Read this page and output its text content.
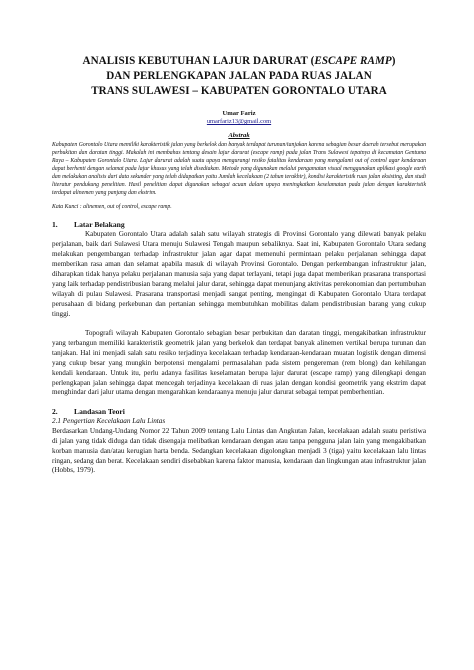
ANALISIS KEBUTUHAN LAJUR DARURAT (ESCAPE RAMP)
DAN PERLENGKAPAN JALAN PADA RUAS JALAN
TRANS SULAWESI – KABUPATEN GORONTALO UTARA
Umar Fariz
umarfariz13@gmail.com
Abstrak

Kabupaten Gorontalo Utara memiliki karakteristik jalan yang berkelok dan banyak terdapat turunan/tanjakan karena sebagian besar daerah tersebut merupakan perbukitan dan daratan tinggi. Makalah ini membahas tentang desain lajur darurat (escape ramp) pada jalan Trans Sulawesi tepatnya di kecamatan Gentuma Raya – Kabupaten Gorontalo Utara. Lajur darurat adalah suatu upaya mengurangi resiko fatalitas kendaraan yang mengalami out of control agar kendaraan dapat berhenti dengan selamat pada lajur khusus yang telah disediakan. Metode yang digunakan melalui pengamatan visual menggunakan aplikasi google earth dan melakukan analisis dari data sekunder yang telah didapatkan yaitu Jumlah kecelakaan (2 tahun terakhir), kondisi karakteristik ruas jalan eksisting, dan studi literatur pendukung penelitian. Hasil penelitian dapat digunakan sebagai acuan dalam upaya meningkatkan keselamatan pada jalan dengan karakteristik terdapat alinemen yang panjang dan ekstrim.

Kata Kunci : alinemen, out of control, escape ramp.
1. Latar Belakang

Kabupaten Gorontalo Utara adalah salah satu wilayah strategis di Provinsi Gorontalo yang dilewati banyak pelaku perjalanan, baik dari Sulawesi Utara menuju Sulawesi Tengah maupun sebaliknya. Saat ini, Kabupaten Gorontalo Utara sedang melakukan pengembangan terhadap infrastruktur jalan agar dapat memenuhi permintaan pelaku perjalanan sehingga dapat memberikan rasa aman dan selamat apabila masuk di wilayah Provinsi Gorontalo. Dengan perkembangan infrastruktur jalan, diharapkan tidak hanya pelaku perjalanan manusia saja yang dapat terlayani, tetapi juga dapat memberikan prasarana transportasi yang laik terhadap pendistribusian barang melalui jalur darat, sehingga dapat menunjang aktivitas perekonomian dan pertumbuhan wilayah di pulau Sulawesi. Prasarana transportasi menjadi sangat penting, mengingat di Kabupaten Gorontalo Utara terdapat perusahaan di bidang perkebunan dan pertanian sehingga membutuhkan mobilitas dalam pendistribusian barang yang cukup tinggi.

Topografi wilayah Kabupaten Gorontalo sebagian besar perbukitan dan daratan tinggi, mengakibatkan infrastruktur yang terbangun memiliki karakteristik geometrik jalan yang berkelok dan terdapat banyak alinemen vertikal berupa turunan dan tanjakan. Hal ini menjadi salah satu resiko terjadinya kecelakaan terhadap kendaraan-kendaraan muatan logistik dengan dimensi yang cukup besar yang mungkin berpotensi mengalami permasalahan pada sistem pengereman (rem blong) dan kehilangan kendali kendaraan. Untuk itu, perlu adanya fasilitas keselamatan berupa lajur darurat (escape ramp) yang dilengkapi dengan perlengkapan jalan sehingga dapat mencegah terjadinya kecelakaan di ruas jalan dengan kondisi geometrik yang ekstrim dapat menghindar dari jalur utama dengan mengarahkan kendaraanya menuju jalur darurat sebagai tempat pemberhentian.

2. Landasan Teori
2.1 Pengertian Kecelakaan Lalu Lintas

Berdasarkan Undang-Undang Nomor 22 Tahun 2009 tentang Lalu Lintas dan Angkutan Jalan, kecelakaan adalah suatu peristiwa di jalan yang tidak diduga dan tidak disengaja melibatkan kendaraan dengan atau tanpa pengguna jalan lain yang mengakibatkan korban manusia dan/atau kerugian harta benda. Sedangkan kecelakaan digolongkan menjadi 3 (tiga) yaitu kecelakaan lalu lintas ringan, sedang dan berat. Kecelakaan sendiri disebabkan karena faktor manusia, kendaraan dan lingkungan atau infrastruktur jalan (Hobbs, 1979).
